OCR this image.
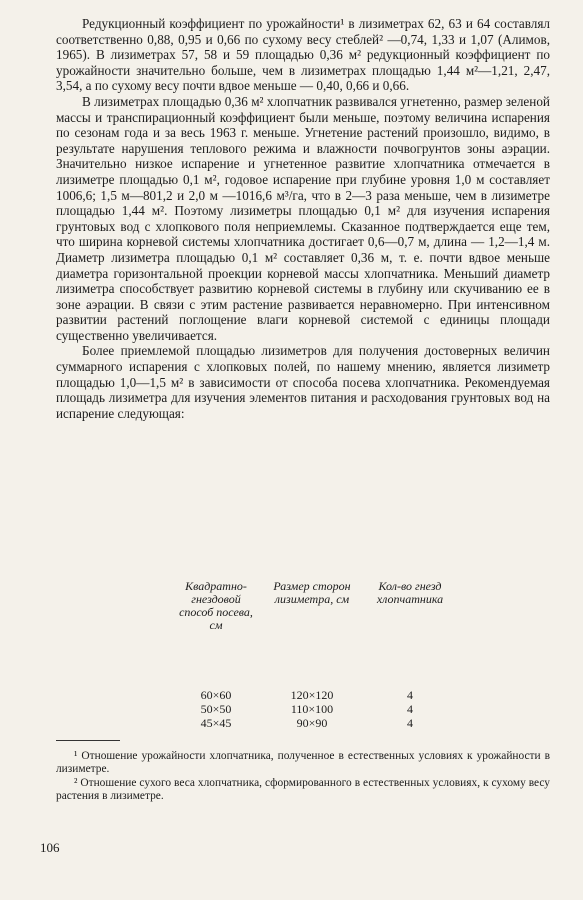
Редукционный коэффициент по урожайности¹ в лизиметрах 62, 63 и 64 составлял соответственно 0,88, 0,95 и 0,66 по сухому весу стеблей² —0,74, 1,33 и 1,07 (Алимов, 1965). В лизиметрах 57, 58 и 59 площадью 0,36 м² редукционный коэффициент по урожайности значительно больше, чем в лизиметрах площадью 1,44 м²—1,21, 2,47, 3,54, а по сухому весу почти вдвое меньше — 0,40, 0,66 и 0,66.

В лизиметрах площадью 0,36 м² хлопчатник развивался угнетенно, размер зеленой массы и транспирационный коэффициент были меньше, поэтому величина испарения по сезонам года и за весь 1963 г. меньше. Угнетение растений произошло, видимо, в результате нарушения теплового режима и влажности почвогрунтов зоны аэрации. Значительно низкое испарение и угнетенное развитие хлопчатника отмечается в лизиметре площадью 0,1 м², годовое испарение при глубине уровня 1,0 м составляет 1006,6; 1,5 м—801,2 и 2,0 м —1016,6 м³/га, что в 2—3 раза меньше, чем в лизиметре площадью 1,44 м². Поэтому лизиметры площадью 0,1 м² для изучения испарения грунтовых вод с хлопкового поля неприемлемы. Сказанное подтверждается еще тем, что ширина корневой системы хлопчатника достигает 0,6—0,7 м, длина — 1,2—1,4 м. Диаметр лизиметра площадью 0,1 м² составляет 0,36 м, т. е. почти вдвое меньше диаметра горизонтальной проекции корневой массы хлопчатника. Меньший диаметр лизиметра способствует развитию корневой системы в глубину или скучиванию ее в зоне аэрации. В связи с этим растение развивается неравномерно. При интенсивном развитии растений поглощение влаги корневой системой с единицы площади существенно увеличивается.

Более приемлемой площадью лизиметров для получения достоверных величин суммарного испарения с хлопковых полей, по нашему мнению, является лизиметр площадью 1,0—1,5 м² в зависимости от способа посева хлопчатника. Рекомендуемая площадь лизиметра для изучения элементов питания и расходования грунтовых вод на испарение следующая:

Квадратно-гнездовой способ посева, см	Размер сторон лизиметра, см	Кол-во гнезд хлопчатника
60×60	120×120	4
50×50	110×100	4
45×45	90×90	4

¹ Отношение урожайности хлопчатника, полученное в естественных условиях к урожайности в лизиметре.

² Отношение сухого веса хлопчатника, сформированного в естественных условиях, к сухому весу растения в лизиметре.

106
